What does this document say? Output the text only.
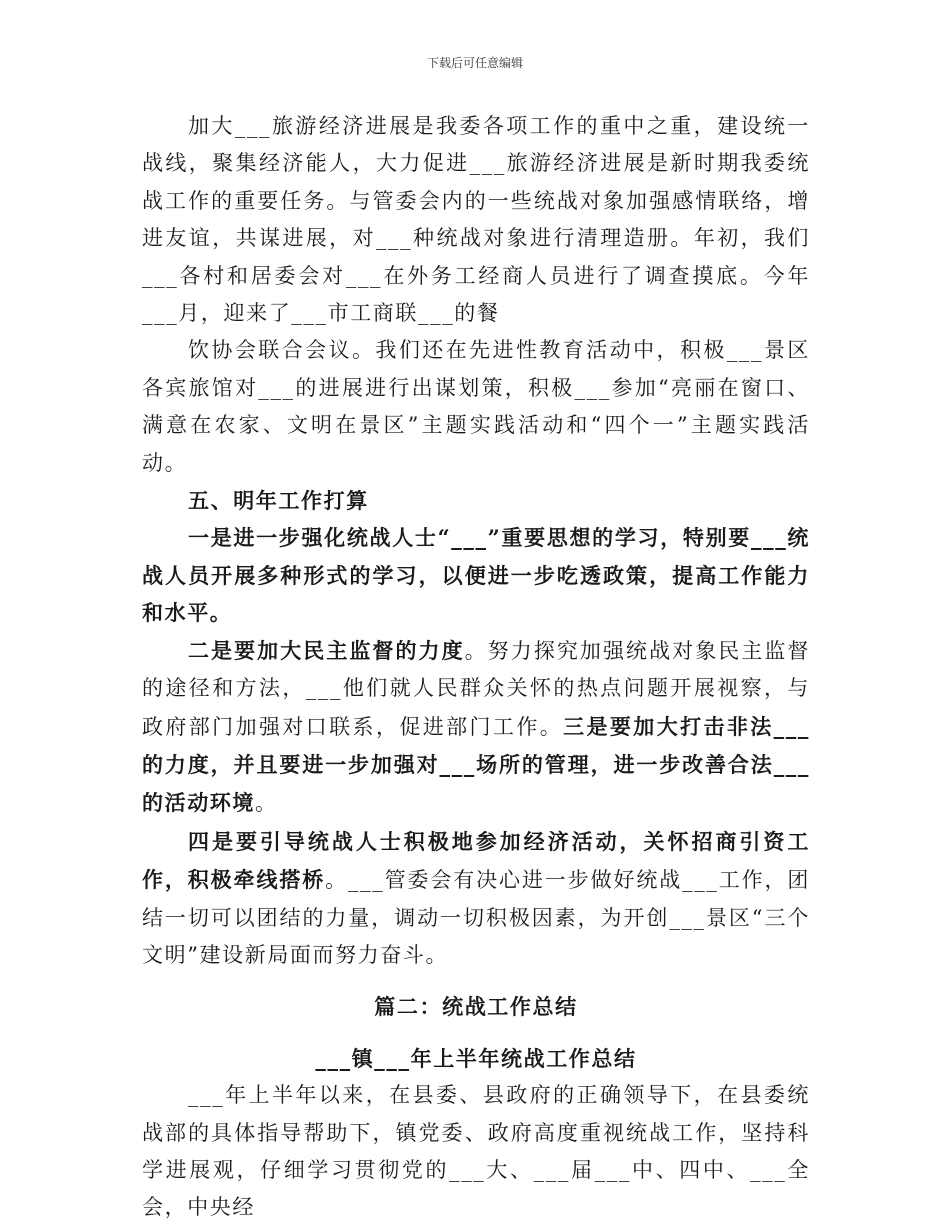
下载后可任意编辑

加大___旅游经济进展是我委各项工作的重中之重，建设统一战线，聚集经济能人，大力促进___旅游经济进展是新时期我委统战工作的重要任务。与管委会内的一些统战对象加强感情联络，增进友谊，共谋进展，对___种统战对象进行清理造册。年初，我们___各村和居委会对___在外务工经商人员进行了调查摸底。今年___月，迎来了___市工商联___的餐

饮协会联合会议。我们还在先进性教育活动中，积极___景区各宾旅馆对___的进展进行出谋划策，积极___参加“亮丽在窗口、满意在农家、文明在景区”主题实践活动和“四个一”主题实践活动。

五、明年工作打算

一是进一步强化统战人士“___”重要思想的学习，特别要___统战人员开展多种形式的学习，以便进一步吃透政策，提高工作能力和水平。

二是要加大民主监督的力度。努力探究加强统战对象民主监督的途径和方法，___他们就人民群众关怀的热点问题开展视察，与政府部门加强对口联系，促进部门工作。三是要加大打击非法___的力度，并且要进一步加强对___场所的管理，进一步改善合法___的活动环境。

四是要引导统战人士积极地参加经济活动，关怀招商引资工作，积极牵线搭桥。___管委会有决心进一步做好统战___工作，团结一切可以团结的力量，调动一切积极因素，为开创___景区“三个文明”建设新局面而努力奋斗。

篇二：统战工作总结

___镇___年上半年统战工作总结

___年上半年以来，在县委、县政府的正确领导下，在县委统战部的具体指导帮助下，镇党委、政府高度重视统战工作，坚持科学进展观，仔细学习贯彻党的___大、___届___中、四中、___全会，中央经
